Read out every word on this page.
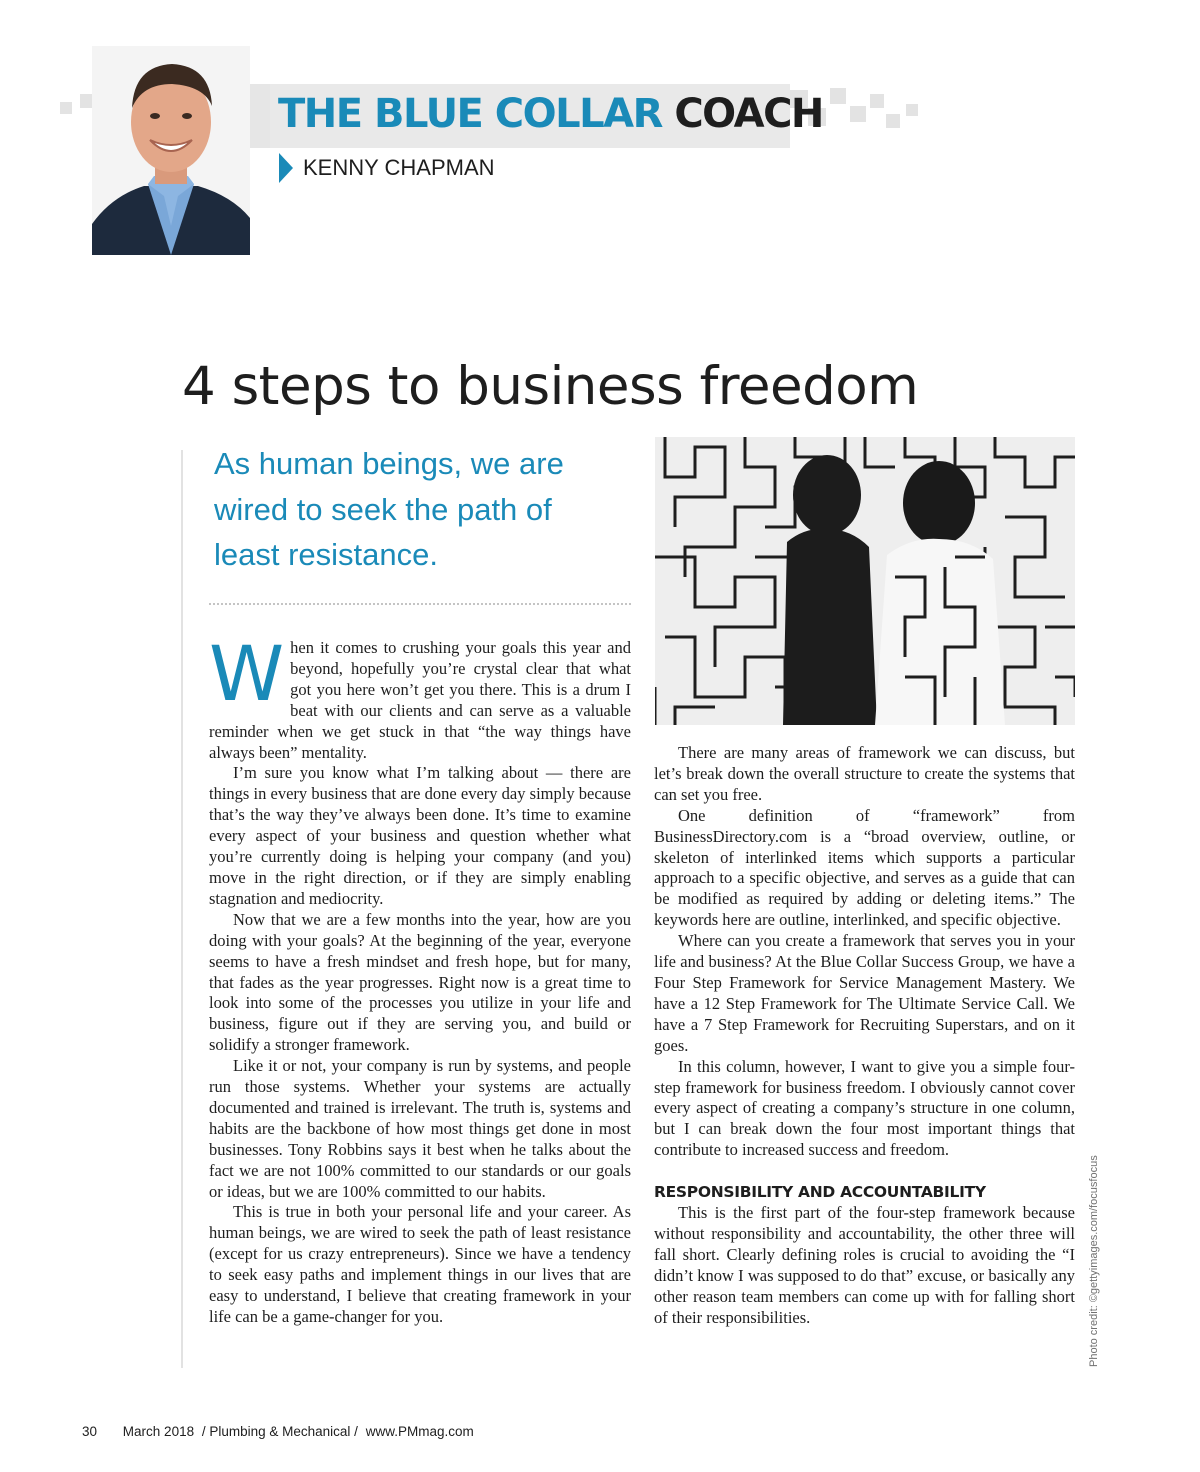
THE BLUE COLLAR COACH
KENNY CHAPMAN
4 steps to business freedom
As human beings, we are wired to seek the path of least resistance.

When it comes to crushing your goals this year and beyond, hopefully you’re crystal clear that what got you here won’t get you there. This is a drum I beat with our clients and can serve as a valuable reminder when we get stuck in that “the way things have always been” mentality.

I’m sure you know what I’m talking about — there are things in every business that are done every day simply because that’s the way they’ve always been done. It’s time to examine every aspect of your business and question whether what you’re currently doing is helping your company (and you) move in the right direction, or if they are simply enabling stagnation and mediocrity.

Now that we are a few months into the year, how are you doing with your goals? At the beginning of the year, everyone seems to have a fresh mindset and fresh hope, but for many, that fades as the year progresses. Right now is a great time to look into some of the processes you utilize in your life and business, figure out if they are serving you, and build or solidify a stronger framework.

Like it or not, your company is run by systems, and people run those systems. Whether your systems are actually documented and trained is irrelevant. The truth is, systems and habits are the backbone of how most things get done in most businesses. Tony Robbins says it best when he talks about the fact we are not 100% committed to our standards or our goals or ideas, but we are 100% committed to our habits.

This is true in both your personal life and your career. As human beings, we are wired to seek the path of least resistance (except for us crazy entrepreneurs). Since we have a tendency to seek easy paths and implement things in our lives that are easy to understand, I believe that creating framework in your life can be a game-changer for you.

There are many areas of framework we can discuss, but let’s break down the overall structure to create the systems that can set you free.

One definition of “framework” from BusinessDirectory.com is a “broad overview, outline, or skeleton of interlinked items which supports a particular approach to a specific objective, and serves as a guide that can be modified as required by adding or deleting items.” The keywords here are outline, interlinked, and specific objective.

Where can you create a framework that serves you in your life and business? At the Blue Collar Success Group, we have a Four Step Framework for Service Management Mastery. We have a 12 Step Framework for The Ultimate Service Call. We have a 7 Step Framework for Recruiting Superstars, and on it goes.

In this column, however, I want to give you a simple four-step framework for business freedom. I obviously cannot cover every aspect of creating a company’s structure in one column, but I can break down the four most important things that contribute to increased success and freedom.

RESPONSIBILITY AND ACCOUNTABILITY

This is the first part of the four-step framework because without responsibility and accountability, the other three will fall short. Clearly defining roles is crucial to avoiding the “I didn’t know I was supposed to do that” excuse, or basically any other reason team members can come up with for falling short of their responsibilities.	Photo credit: ©gettyimages.com/focusfocus
30 March 2018 / Plumbing & Mechanical / www.PMmag.com
